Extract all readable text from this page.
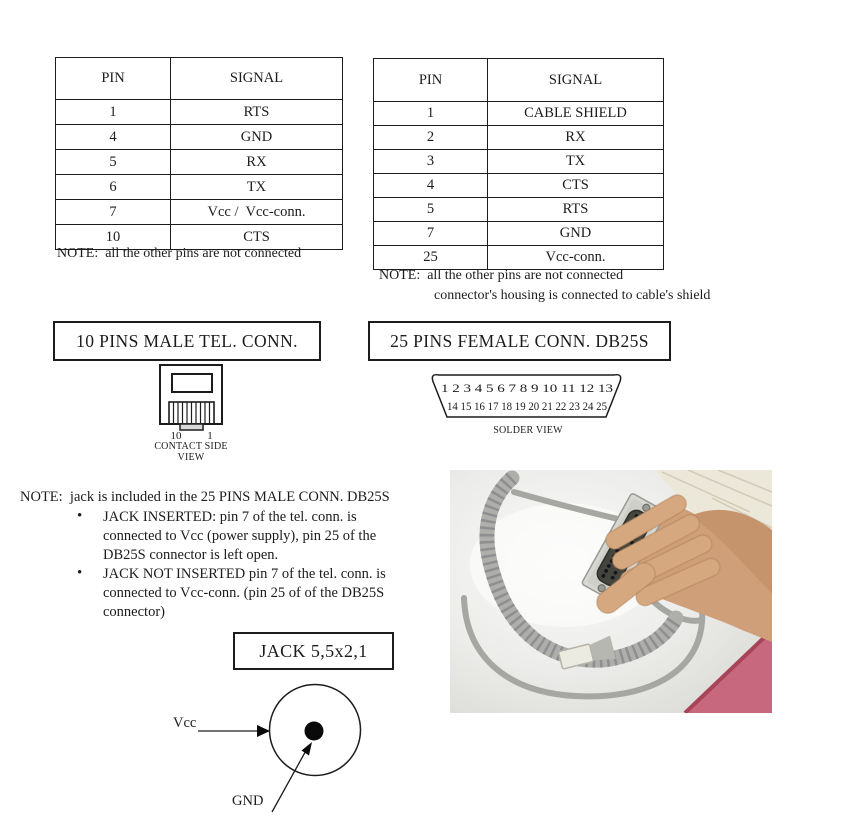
PIN	SIGNAL
1	RTS
4	GND
5	RX
6	TX
7	Vcc /  Vcc-conn.
10	CTS
NOTE:  all the other pins are not connected
PIN	SIGNAL
1	CABLE SHIELD
2	RX
3	TX
4	CTS
5	RTS
7	GND
25	Vcc-conn.
NOTE:  all the other pins are not connected
connector's housing is connected to cable's shield
10 PINS MALE TEL. CONN.	25 PINS FEMALE CONN. DB25S
10	1
CONTACT SIDE VIEW
1 2 3 4 5 6 7 8 9 10 11 12 13
14 15 16 17 18 19 20 21 22 23 24 25
SOLDER VIEW
NOTE:  jack is included in the 25 PINS MALE CONN. DB25S
• JACK INSERTED: pin 7 of the tel. conn. is connected to Vcc (power supply), pin 25 of the DB25S connector is left open.
• JACK NOT INSERTED pin 7 of the tel. conn. is connected to Vcc-conn. (pin 25 of of the DB25S connector)
JACK 5,5x2,1
Vcc
GND
